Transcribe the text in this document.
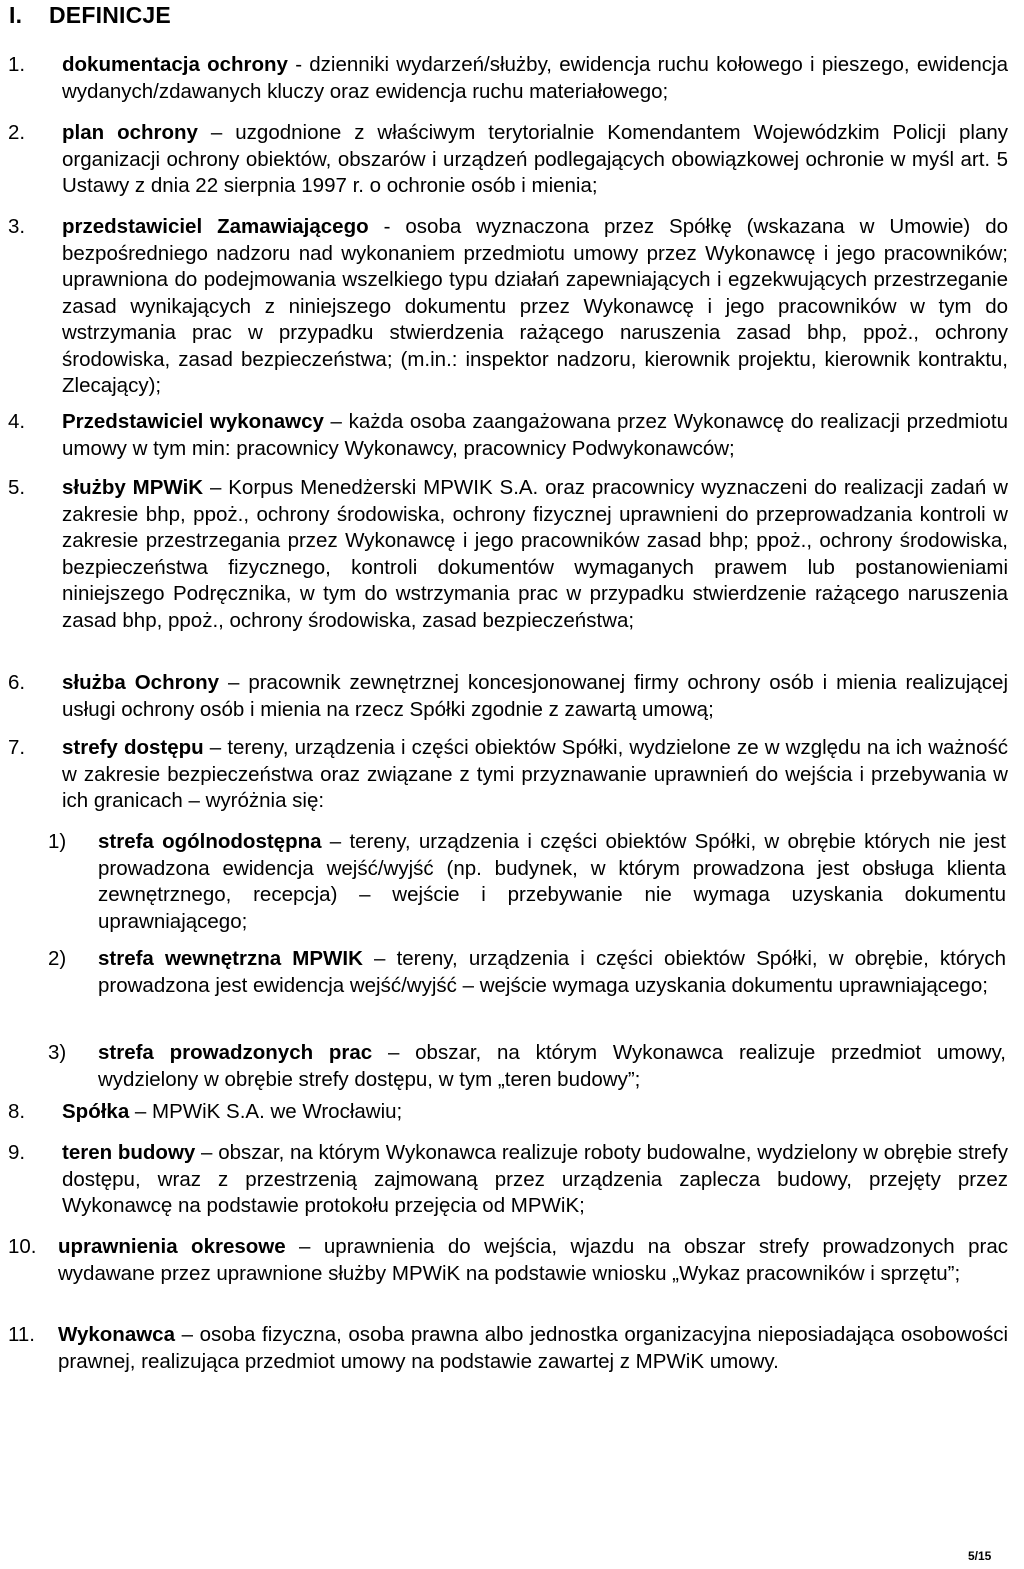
I. DEFINICJE
1.	dokumentacja ochrony - dzienniki wydarzeń/służby, ewidencja ruchu kołowego i pieszego, ewidencja wydanych/zdawanych kluczy oraz ewidencja ruchu materiałowego;
2.	plan ochrony – uzgodnione z właściwym terytorialnie Komendantem Wojewódzkim Policji plany organizacji ochrony obiektów, obszarów i urządzeń podlegających obowiązkowej ochronie w myśl art. 5 Ustawy z dnia 22 sierpnia 1997 r. o ochronie osób i mienia;
3.	przedstawiciel Zamawiającego - osoba wyznaczona przez Spółkę (wskazana w Umowie) do bezpośredniego nadzoru nad wykonaniem przedmiotu umowy przez Wykonawcę i jego pracowników; uprawniona do podejmowania wszelkiego typu działań zapewniających i egzekwujących przestrzeganie zasad wynikających z niniejszego dokumentu przez Wykonawcę i jego pracowników w tym do wstrzymania prac w przypadku stwierdzenia rażącego naruszenia zasad bhp, ppoż., ochrony środowiska, zasad bezpieczeństwa; (m.in.: inspektor nadzoru, kierownik projektu, kierownik kontraktu, Zlecający);
4.	Przedstawiciel wykonawcy – każda osoba zaangażowana przez Wykonawcę do realizacji przedmiotu umowy w tym min: pracownicy Wykonawcy, pracownicy Podwykonawców;
5.	służby MPWiK – Korpus Menedżerski MPWIK S.A. oraz pracownicy wyznaczeni do realizacji zadań w zakresie bhp, ppoż., ochrony środowiska, ochrony fizycznej uprawnieni do przeprowadzania kontroli w zakresie przestrzegania przez Wykonawcę i jego pracowników zasad bhp; ppoż., ochrony środowiska, bezpieczeństwa fizycznego, kontroli dokumentów wymaganych prawem lub postanowieniami niniejszego Podręcznika, w tym do wstrzymania prac w przypadku stwierdzenie rażącego naruszenia zasad bhp, ppoż., ochrony środowiska, zasad bezpieczeństwa;
6.	służba Ochrony – pracownik zewnętrznej koncesjonowanej firmy ochrony osób i mienia realizującej usługi ochrony osób i mienia na rzecz Spółki zgodnie z zawartą umową;
7.	strefy dostępu – tereny, urządzenia i części obiektów Spółki, wydzielone ze w względu na ich ważność w zakresie bezpieczeństwa oraz związane z tymi przyznawanie uprawnień do wejścia i przebywania w ich granicach – wyróżnia się:
1)	strefa ogólnodostępna – tereny, urządzenia i części obiektów Spółki, w obrębie których nie jest prowadzona ewidencja wejść/wyjść (np. budynek, w którym prowadzona jest obsługa klienta zewnętrznego, recepcja) – wejście i przebywanie nie wymaga uzyskania dokumentu uprawniającego;
2)	strefa wewnętrzna MPWIK – tereny, urządzenia i części obiektów Spółki, w obrębie, których prowadzona jest ewidencja wejść/wyjść – wejście wymaga uzyskania dokumentu uprawniającego;
3)	strefa prowadzonych prac – obszar, na którym Wykonawca realizuje przedmiot umowy, wydzielony w obrębie strefy dostępu, w tym „teren budowy”;
8.	Spółka – MPWiK S.A. we Wrocławiu;
9.	teren budowy – obszar, na którym Wykonawca realizuje roboty budowalne, wydzielony w obrębie strefy dostępu, wraz z przestrzenią zajmowaną przez urządzenia zaplecza budowy, przejęty przez Wykonawcę na podstawie protokołu przejęcia od MPWiK;
10.	uprawnienia okresowe – uprawnienia do wejścia, wjazdu na obszar strefy prowadzonych prac wydawane przez uprawnione służby MPWiK na podstawie wniosku „Wykaz pracowników i sprzętu”;
11.	Wykonawca – osoba fizyczna, osoba prawna albo jednostka organizacyjna nieposiadająca osobowości prawnej, realizująca przedmiot umowy na podstawie zawartej z MPWiK umowy.
5/15
